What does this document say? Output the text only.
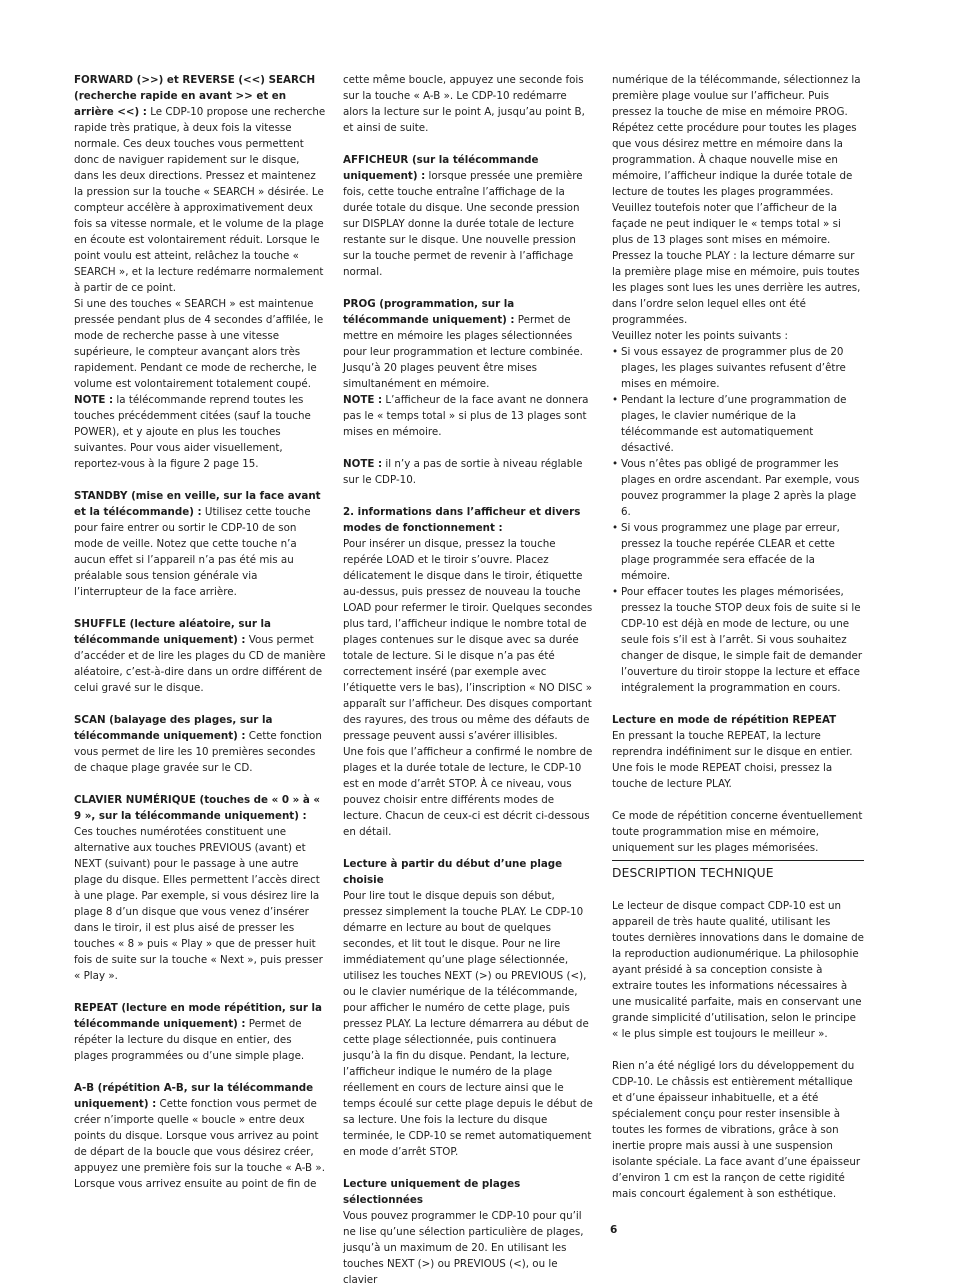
FORWARD (>>) et REVERSE (<<) SEARCH (recherche rapide en avant >> et en arrière <<) : Le CDP-10 propose une recherche rapide très pratique, à deux fois la vitesse normale. Ces deux touches vous permettent donc de naviguer rapidement sur le disque, dans les deux directions. Pressez et maintenez la pression sur la touche « SEARCH » désirée. Le compteur accélère à approximativement deux fois sa vitesse normale, et le volume de la plage en écoute est volontairement réduit. Lorsque le point voulu est atteint, relâchez la touche « SEARCH », et la lecture redémarre normalement à partir de ce point.

Si une des touches « SEARCH » est maintenue pressée pendant plus de 4 secondes d’affilée, le mode de recherche passe à une vitesse supérieure, le compteur avançant alors très rapidement. Pendant ce mode de recherche, le volume est volontairement totalement coupé.

NOTE : la télécommande reprend toutes les touches précédemment citées (sauf la touche POWER), et y ajoute en plus les touches suivantes. Pour vous aider visuellement, reportez-vous à la figure 2 page 15.

STANDBY (mise en veille, sur la face avant et la télécommande) : Utilisez cette touche pour faire entrer ou sortir le CDP-10 de son mode de veille. Notez que cette touche n’a aucun effet si l’appareil n’a pas été mis au préalable sous tension générale via l’interrupteur de la face arrière.

SHUFFLE (lecture aléatoire, sur la télécommande uniquement) : Vous permet d’accéder et de lire les plages du CD de manière aléatoire, c’est-à-dire dans un ordre différent de celui gravé sur le disque.

SCAN (balayage des plages, sur la télécommande uniquement) : Cette fonction vous permet de lire les 10 premières secondes de chaque plage gravée sur le CD.

CLAVIER NUMÉRIQUE (touches de « 0 » à « 9 », sur la télécommande uniquement) :

Ces touches numérotées constituent une alternative aux touches PREVIOUS (avant) et NEXT (suivant) pour le passage à une autre plage du disque. Elles permettent l’accès direct à une plage. Par exemple, si vous désirez lire la plage 8 d’un disque que vous venez d’insérer dans le tiroir, il est plus aisé de presser les touches « 8 » puis « Play » que de presser huit fois de suite sur la touche « Next », puis presser « Play ».

REPEAT (lecture en mode répétition, sur la télécommande uniquement) : Permet de répéter la lecture du disque en entier, des plages programmées ou d’une simple plage.

A-B (répétition A-B, sur la télécommande uniquement) : Cette fonction vous permet de créer n’importe quelle « boucle » entre deux points du disque. Lorsque vous arrivez au point de départ de la boucle que vous désirez créer, appuyez une première fois sur la touche « A-B ». Lorsque vous arrivez ensuite au point de fin de

cette même boucle, appuyez une seconde fois sur la touche « A-B ». Le CDP-10 redémarre alors la lecture sur le point A, jusqu’au point B, et ainsi de suite.

AFFICHEUR (sur la télécommande uniquement) : lorsque pressée une première fois, cette touche entraîne l’affichage de la durée totale du disque. Une seconde pression sur DISPLAY donne la durée totale de lecture restante sur le disque. Une nouvelle pression sur la touche permet de revenir à l’affichage normal.

PROG (programmation, sur la télécommande uniquement) : Permet de mettre en mémoire les plages sélectionnées pour leur programmation et lecture combinée. Jusqu’à 20 plages peuvent être mises simultanément en mémoire.

NOTE : L’afficheur de la face avant ne donnera pas le « temps total » si plus de 13 plages sont mises en mémoire.

NOTE : il n’y a pas de sortie à niveau réglable sur le CDP-10.

2. informations dans l’afficheur et divers modes de fonctionnement :

Pour insérer un disque, pressez la touche repérée LOAD et le tiroir s’ouvre. Placez délicatement le disque dans le tiroir, étiquette au-dessus, puis pressez de nouveau la touche LOAD pour refermer le tiroir. Quelques secondes plus tard, l’afficheur indique le nombre total de plages contenues sur le disque avec sa durée totale de lecture. Si le disque n’a pas été correctement inséré (par exemple avec l’étiquette vers le bas), l’inscription « NO DISC » apparaît sur l’afficheur. Des disques comportant des rayures, des trous ou même des défauts de pressage peuvent aussi s’avérer illisibles.

Une fois que l’afficheur a confirmé le nombre de plages et la durée totale de lecture, le CDP-10 est en mode d’arrêt STOP. À ce niveau, vous pouvez choisir entre différents modes de lecture. Chacun de ceux-ci est décrit ci-dessous en détail.

Lecture à partir du début d’une plage choisie

Pour lire tout le disque depuis son début, pressez simplement la touche PLAY. Le CDP-10 démarre en lecture au bout de quelques secondes, et lit tout le disque. Pour ne lire immédiatement qu’une plage sélectionnée, utilisez les touches NEXT (>) ou PREVIOUS (<), ou le clavier numérique de la télécommande, pour afficher le numéro de cette plage, puis pressez PLAY. La lecture démarrera au début de cette plage sélectionnée, puis continuera jusqu’à la fin du disque. Pendant, la lecture, l’afficheur indique le numéro de la plage réellement en cours de lecture ainsi que le temps écoulé sur cette plage depuis le début de sa lecture. Une fois la lecture du disque terminée, le CDP-10 se remet automatiquement en mode d’arrêt STOP.

Lecture uniquement de plages sélectionnées

Vous pouvez programmer le CDP-10 pour qu’il ne lise qu’une sélection particulière de plages, jusqu’à un maximum de 20. En utilisant les touches NEXT (>) ou PREVIOUS (<), ou le clavier

numérique de la télécommande, sélectionnez la première plage voulue sur l’afficheur. Puis pressez la touche de mise en mémoire PROG. Répétez cette procédure pour toutes les plages que vous désirez mettre en mémoire dans la programmation. À chaque nouvelle mise en mémoire, l’afficheur indique la durée totale de lecture de toutes les plages programmées. Veuillez toutefois noter que l’afficheur de la façade ne peut indiquer le « temps total » si plus de 13 plages sont mises en mémoire.

Pressez la touche PLAY : la lecture démarre sur la première plage mise en mémoire, puis toutes les plages sont lues les unes derrière les autres, dans l’ordre selon lequel elles ont été programmées.

Veuillez noter les points suivants :

• Si vous essayez de programmer plus de 20 plages, les plages suivantes refusent d’être mises en mémoire.
• Pendant la lecture d’une programmation de plages, le clavier numérique de la télécommande est automatiquement désactivé.
• Vous n’êtes pas obligé de programmer les plages en ordre ascendant. Par exemple, vous pouvez programmer la plage 2 après la plage 6.
• Si vous programmez une plage par erreur, pressez la touche repérée CLEAR et cette plage programmée sera effacée de la mémoire.
• Pour effacer toutes les plages mémorisées, pressez la touche STOP deux fois de suite si le CDP-10 est déjà en mode de lecture, ou une seule fois s’il est à l’arrêt. Si vous souhaitez changer de disque, le simple fait de demander l’ouverture du tiroir stoppe la lecture et efface intégralement la programmation en cours.

Lecture en mode de répétition REPEAT

En pressant la touche REPEAT, la lecture reprendra indéfiniment sur le disque en entier. Une fois le mode REPEAT choisi, pressez la touche de lecture PLAY.

Ce mode de répétition concerne éventuellement toute programmation mise en mémoire, uniquement sur les plages mémorisées.

DESCRIPTION TECHNIQUE

Le lecteur de disque compact CDP-10 est un appareil de très haute qualité, utilisant les toutes dernières innovations dans le domaine de la reproduction audionumérique. La philosophie ayant présidé à sa conception consiste à extraire toutes les informations nécessaires à une musicalité parfaite, mais en conservant une grande simplicité d’utilisation, selon le principe « le plus simple est toujours le meilleur ».

Rien n’a été négligé lors du développement du CDP-10. Le châssis est entièrement métallique et d’une épaisseur inhabituelle, et a été spécialement conçu pour rester insensible à toutes les formes de vibrations, grâce à son inertie propre mais aussi à une suspension isolante spéciale. La face avant d’une épaisseur d’environ 1 cm est la rançon de cette rigidité mais concourt également à son esthétique.

6
